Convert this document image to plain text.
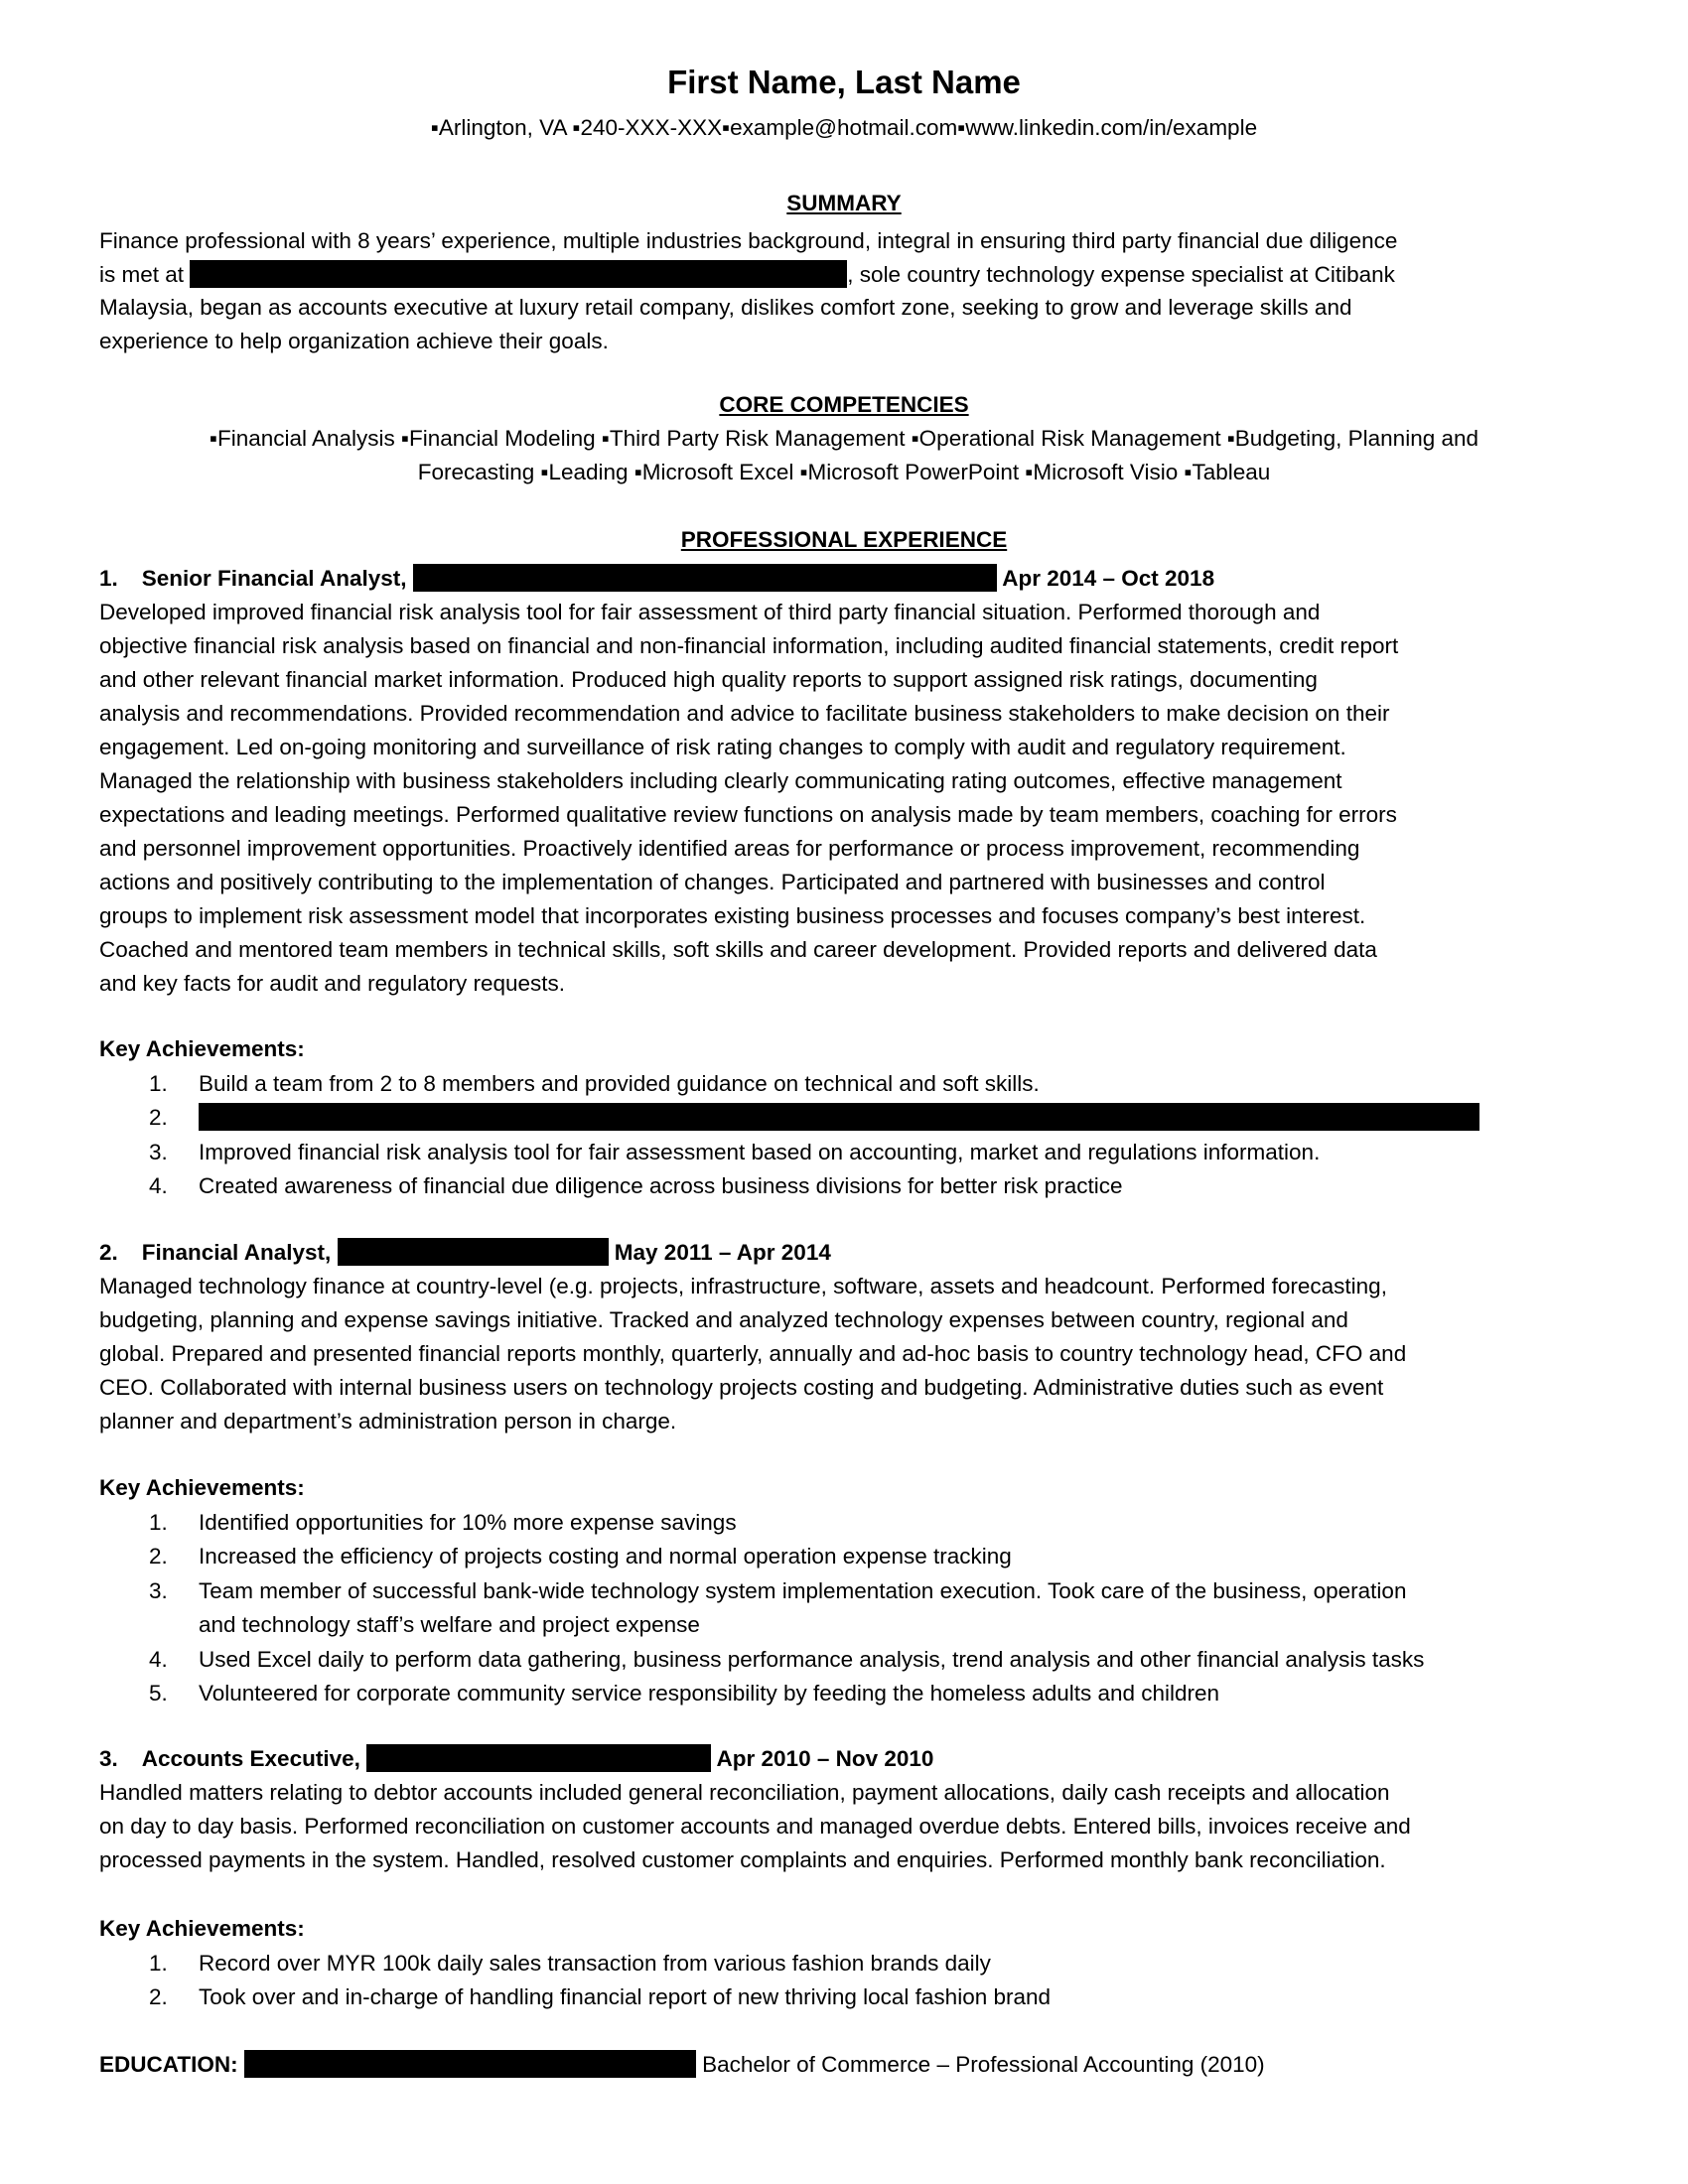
First Name, Last Name
▪Arlington, VA ▪240-XXX-XXX▪example@hotmail.com▪www.linkedin.com/in/example
SUMMARY
Finance professional with 8 years’ experience, multiple industries background, integral in ensuring third party financial due diligence
is met at	, sole country technology expense specialist at Citibank
Malaysia, began as accounts executive at luxury retail company, dislikes comfort zone, seeking to grow and leverage skills and
experience to help organization achieve their goals.
CORE COMPETENCIES
▪Financial Analysis ▪Financial Modeling ▪Third Party Risk Management ▪Operational Risk Management ▪Budgeting, Planning and
Forecasting ▪Leading ▪Microsoft Excel ▪Microsoft PowerPoint ▪Microsoft Visio ▪Tableau
PROFESSIONAL EXPERIENCE
1. Senior Financial Analyst,	Apr 2014 – Oct 2018
Developed improved financial risk analysis tool for fair assessment of third party financial situation. Performed thorough and
objective financial risk analysis based on financial and non-financial information, including audited financial statements, credit report
and other relevant financial market information. Produced high quality reports to support assigned risk ratings, documenting
analysis and recommendations. Provided recommendation and advice to facilitate business stakeholders to make decision on their
engagement. Led on-going monitoring and surveillance of risk rating changes to comply with audit and regulatory requirement.
Managed the relationship with business stakeholders including clearly communicating rating outcomes, effective management
expectations and leading meetings. Performed qualitative review functions on analysis made by team members, coaching for errors
and personnel improvement opportunities. Proactively identified areas for performance or process improvement, recommending
actions and positively contributing to the implementation of changes. Participated and partnered with businesses and control
groups to implement risk assessment model that incorporates existing business processes and focuses company’s best interest.
Coached and mentored team members in technical skills, soft skills and career development. Provided reports and delivered data
and key facts for audit and regulatory requests.
Key Achievements:
1. Build a team from 2 to 8 members and provided guidance on technical and soft skills.
2.
3. Improved financial risk analysis tool for fair assessment based on accounting, market and regulations information.
4. Created awareness of financial due diligence across business divisions for better risk practice
2. Financial Analyst,	May 2011 – Apr 2014
Managed technology finance at country-level (e.g. projects, infrastructure, software, assets and headcount. Performed forecasting,
budgeting, planning and expense savings initiative. Tracked and analyzed technology expenses between country, regional and
global. Prepared and presented financial reports monthly, quarterly, annually and ad-hoc basis to country technology head, CFO and
CEO. Collaborated with internal business users on technology projects costing and budgeting. Administrative duties such as event
planner and department’s administration person in charge.
Key Achievements:
1. Identified opportunities for 10% more expense savings
2. Increased the efficiency of projects costing and normal operation expense tracking
3. Team member of successful bank-wide technology system implementation execution. Took care of the business, operation
and technology staff’s welfare and project expense
4. Used Excel daily to perform data gathering, business performance analysis, trend analysis and other financial analysis tasks
5. Volunteered for corporate community service responsibility by feeding the homeless adults and children
3. Accounts Executive,	Apr 2010 – Nov 2010
Handled matters relating to debtor accounts included general reconciliation, payment allocations, daily cash receipts and allocation
on day to day basis. Performed reconciliation on customer accounts and managed overdue debts. Entered bills, invoices receive and
processed payments in the system. Handled, resolved customer complaints and enquiries. Performed monthly bank reconciliation.
Key Achievements:
1. Record over MYR 100k daily sales transaction from various fashion brands daily
2. Took over and in-charge of handling financial report of new thriving local fashion brand
EDUCATION:	Bachelor of Commerce – Professional Accounting (2010)
